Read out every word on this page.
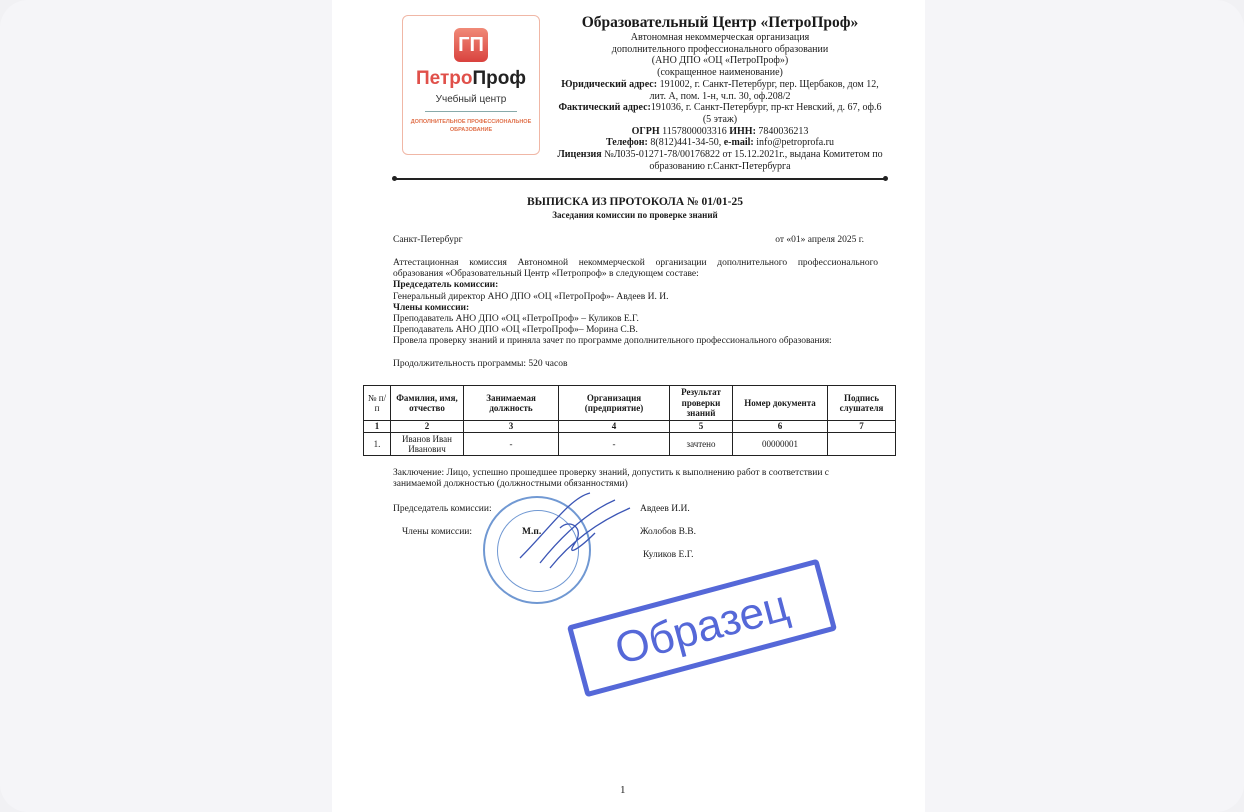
ГП
ПетроПроф
Учебный центр
ДОПОЛНИТЕЛЬНОЕ ПРОФЕССИОНАЛЬНОЕ ОБРАЗОВАНИЕ
Образовательный Центр «ПетроПроф»
Автономная некоммерческая организация
дополнительного профессионального образовании
(АНО ДПО «ОЦ «ПетроПроф»)
(сокращенное наименование)
Юридический адрес: 191002, г. Санкт-Петербург, пер. Щербаков, дом 12, лит. А, пом. 1-н, ч.п. 30, оф.208/2
Фактический адрес:191036, г. Санкт-Петербург, пр-кт Невский, д. 67, оф.6 (5 этаж)
ОГРН 1157800003316 ИНН: 7840036213
Телефон: 8(812)441-34-50, e-mail: info@petroprofa.ru
Лицензия №Л035-01271-78/00176822 от 15.12.2021г., выдана Комитетом по образованию г.Санкт-Петербурга
ВЫПИСКА ИЗ ПРОТОКОЛА № 01/01-25
Заседания комиссии по проверке знаний
Санкт-Петербург	от «01» апреля 2025 г.
Аттестационная комиссия Автономной некоммерческой организации дополнительного профессионального образования «Образовательный Центр «Петропроф» в следующем составе:
Председатель комиссии:
Генеральный директор АНО ДПО «ОЦ «ПетроПроф»- Авдеев И. И.
Члены комиссии:
Преподаватель АНО ДПО «ОЦ «ПетроПроф» – Куликов Е.Г.
Преподаватель АНО ДПО «ОЦ «ПетроПроф»– Морина С.В.
Провела проверку знаний и приняла зачет по программе дополнительного профессионального образования:
Продолжительность программы: 520 часов
№ п/п	Фамилия, имя, отчество	Занимаемая должность	Организация (предприятие)	Результат проверки знаний	Номер документа	Подпись слушателя
1	2	3	4	5	6	7
1.	Иванов Иван Иванович	-	-	зачтено	00000001	
Заключение: Лицо, успешно прошедшее проверку знаний, допустить к выполнению работ в соответствии с занимаемой должностью (должностными обязанностями)
Председатель комиссии:	Авдеев И.И.
Члены комиссии:	М.п.	Жолобов В.В.
Куликов Е.Г.
Образец
1
